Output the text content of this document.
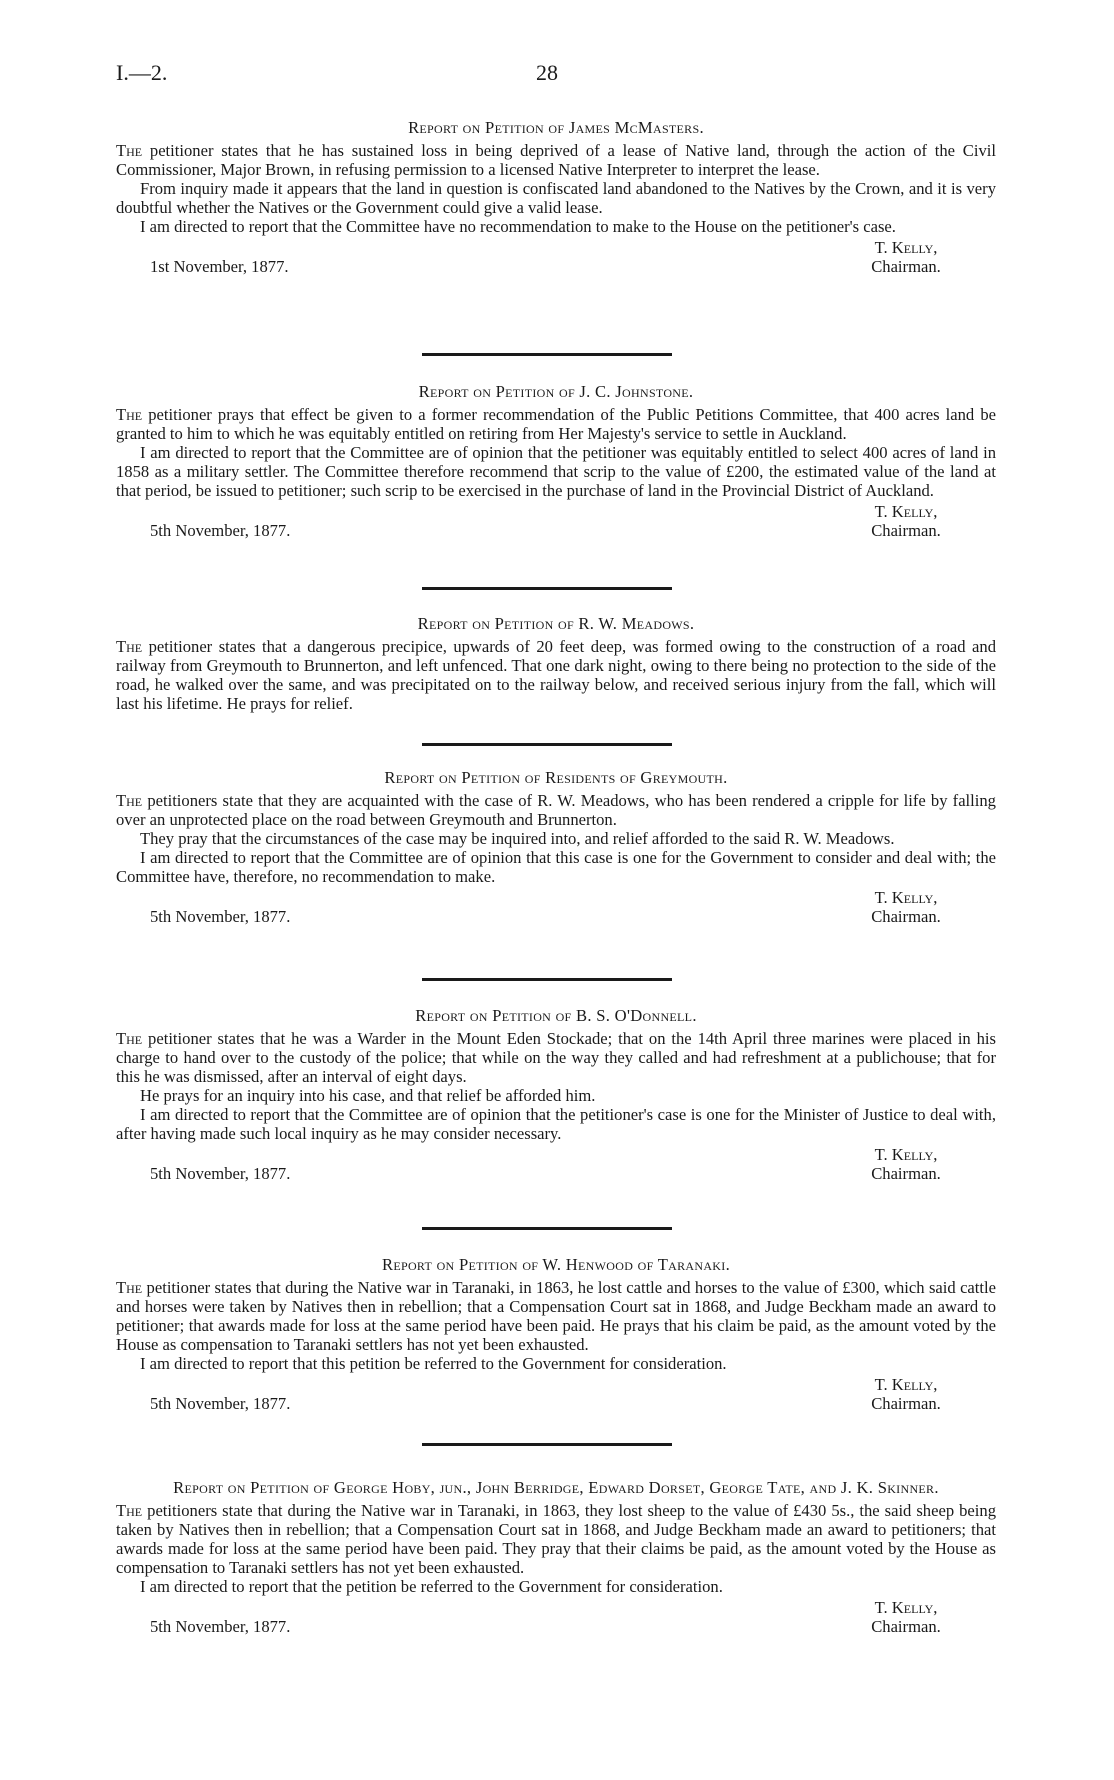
I.—2.	28
Report on Petition of James McMasters.

The petitioner states that he has sustained loss in being deprived of a lease of Native land, through the action of the Civil Commissioner, Major Brown, in refusing permission to a licensed Native Interpreter to interpret the lease.

From inquiry made it appears that the land in question is confiscated land abandoned to the Natives by the Crown, and it is very doubtful whether the Natives or the Government could give a valid lease.

I am directed to report that the Committee have no recommendation to make to the House on the petitioner's case.

1st November, 1877.
T. Kelly,
Chairman.
Report on Petition of J. C. Johnstone.

The petitioner prays that effect be given to a former recommendation of the Public Petitions Committee, that 400 acres land be granted to him to which he was equitably entitled on retiring from Her Majesty's service to settle in Auckland.

I am directed to report that the Committee are of opinion that the petitioner was equitably entitled to select 400 acres of land in 1858 as a military settler. The Committee therefore recommend that scrip to the value of £200, the estimated value of the land at that period, be issued to petitioner; such scrip to be exercised in the purchase of land in the Provincial District of Auckland.

5th November, 1877.
T. Kelly,
Chairman.
Report on Petition of R. W. Meadows.

The petitioner states that a dangerous precipice, upwards of 20 feet deep, was formed owing to the construction of a road and railway from Greymouth to Brunnerton, and left unfenced. That one dark night, owing to there being no protection to the side of the road, he walked over the same, and was precipitated on to the railway below, and received serious injury from the fall, which will last his lifetime. He prays for relief.

Report on Petition of Residents of Greymouth.

The petitioners state that they are acquainted with the case of R. W. Meadows, who has been rendered a cripple for life by falling over an unprotected place on the road between Greymouth and Brunnerton.

They pray that the circumstances of the case may be inquired into, and relief afforded to the said R. W. Meadows.

I am directed to report that the Committee are of opinion that this case is one for the Government to consider and deal with; the Committee have, therefore, no recommendation to make.

5th November, 1877.
T. Kelly,
Chairman.
Report on Petition of B. S. O'Donnell.

The petitioner states that he was a Warder in the Mount Eden Stockade; that on the 14th April three marines were placed in his charge to hand over to the custody of the police; that while on the way they called and had refreshment at a publichouse; that for this he was dismissed, after an interval of eight days.

He prays for an inquiry into his case, and that relief be afforded him.

I am directed to report that the Committee are of opinion that the petitioner's case is one for the Minister of Justice to deal with, after having made such local inquiry as he may consider necessary.

5th November, 1877.
T. Kelly,
Chairman.
Report on Petition of W. Henwood of Taranaki.

The petitioner states that during the Native war in Taranaki, in 1863, he lost cattle and horses to the value of £300, which said cattle and horses were taken by Natives then in rebellion; that a Compensation Court sat in 1868, and Judge Beckham made an award to petitioner; that awards made for loss at the same period have been paid. He prays that his claim be paid, as the amount voted by the House as compensation to Taranaki settlers has not yet been exhausted.

I am directed to report that this petition be referred to the Government for consideration.

5th November, 1877.
T. Kelly,
Chairman.
Report on Petition of George Hoby, jun., John Berridge, Edward Dorset, George Tate, and J. K. Skinner.

The petitioners state that during the Native war in Taranaki, in 1863, they lost sheep to the value of £430 5s., the said sheep being taken by Natives then in rebellion; that a Compensation Court sat in 1868, and Judge Beckham made an award to petitioners; that awards made for loss at the same period have been paid. They pray that their claims be paid, as the amount voted by the House as compensation to Taranaki settlers has not yet been exhausted.

I am directed to report that the petition be referred to the Government for consideration.

5th November, 1877.
T. Kelly,
Chairman.
